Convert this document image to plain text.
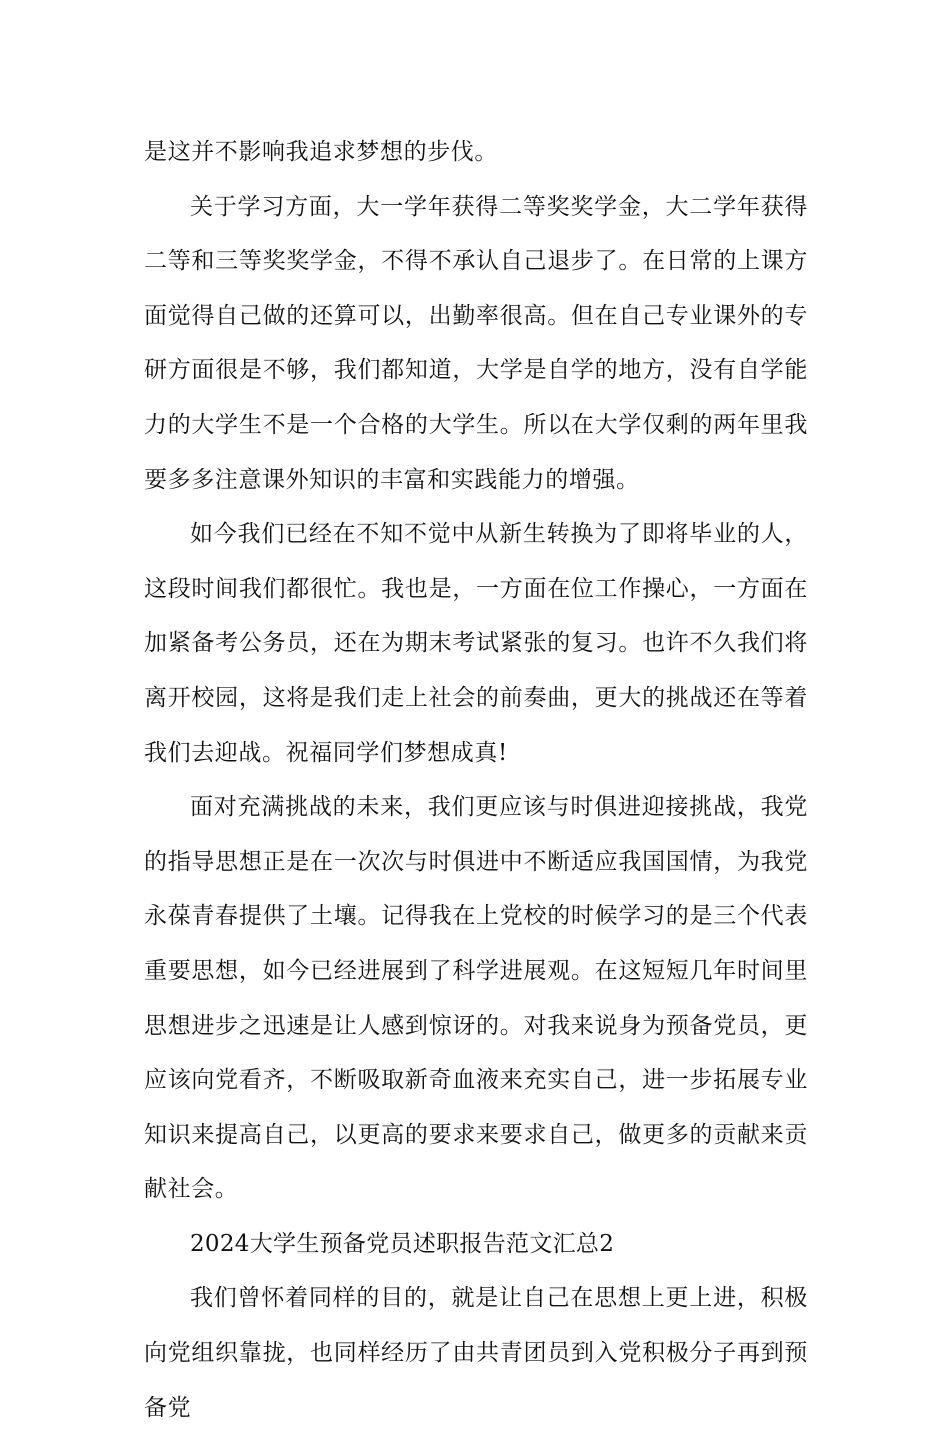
是这并不影响我追求梦想的步伐。

关于学习方面，大一学年获得二等奖奖学金，大二学年获得二等和三等奖奖学金，不得不承认自己退步了。在日常的上课方面觉得自己做的还算可以，出勤率很高。但在自己专业课外的专研方面很是不够，我们都知道，大学是自学的地方，没有自学能力的大学生不是一个合格的大学生。所以在大学仅剩的两年里我要多多注意课外知识的丰富和实践能力的增强。

如今我们已经在不知不觉中从新生转换为了即将毕业的人，这段时间我们都很忙。我也是，一方面在位工作操心，一方面在加紧备考公务员，还在为期末考试紧张的复习。也许不久我们将离开校园，这将是我们走上社会的前奏曲，更大的挑战还在等着我们去迎战。祝福同学们梦想成真!

面对充满挑战的未来，我们更应该与时俱进迎接挑战，我党的指导思想正是在一次次与时俱进中不断适应我国国情，为我党永葆青春提供了土壤。记得我在上党校的时候学习的是三个代表重要思想，如今已经进展到了科学进展观。在这短短几年时间里思想进步之迅速是让人感到惊讶的。对我来说身为预备党员，更应该向党看齐，不断吸取新奇血液来充实自己，进一步拓展专业知识来提高自己，以更高的要求来要求自己，做更多的贡献来贡献社会。

2024大学生预备党员述职报告范文汇总2

我们曾怀着同样的目的，就是让自己在思想上更上进，积极向党组织靠拢，也同样经历了由共青团员到入党积极分子再到预备党
